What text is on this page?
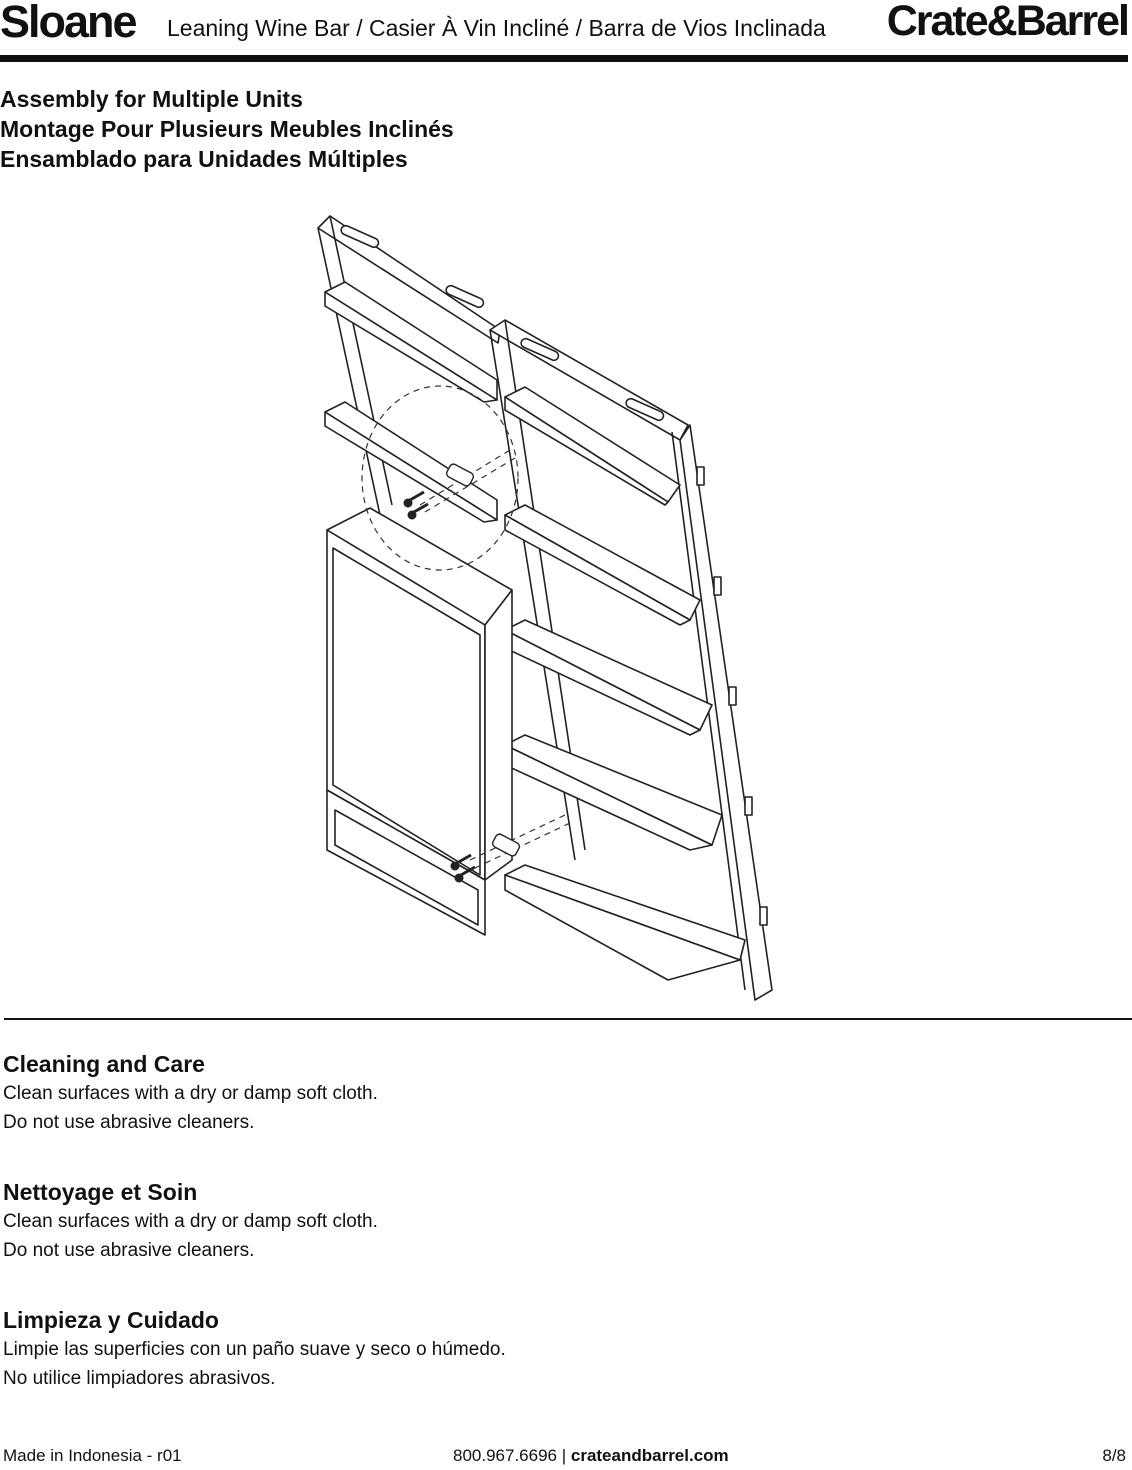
Sloane Leaning Wine Bar / Casier À Vin Incliné / Barra de Vios Inclinada Crate&Barrel
Assembly for Multiple Units
Montage Pour Plusieurs Meubles Inclinés
Ensamblado para Unidades Múltiples

Cleaning and Care

Clean surfaces with a dry or damp soft cloth.

Do not use abrasive cleaners.

Nettoyage et Soin

Clean surfaces with a dry or damp soft cloth.

Do not use abrasive cleaners.

Limpieza y Cuidado

Limpie las superficies con un paño suave y seco o húmedo.

No utilice limpiadores abrasivos.

Made in Indonesia - r01	800.967.6696 | crateandbarrel.com	8/8
